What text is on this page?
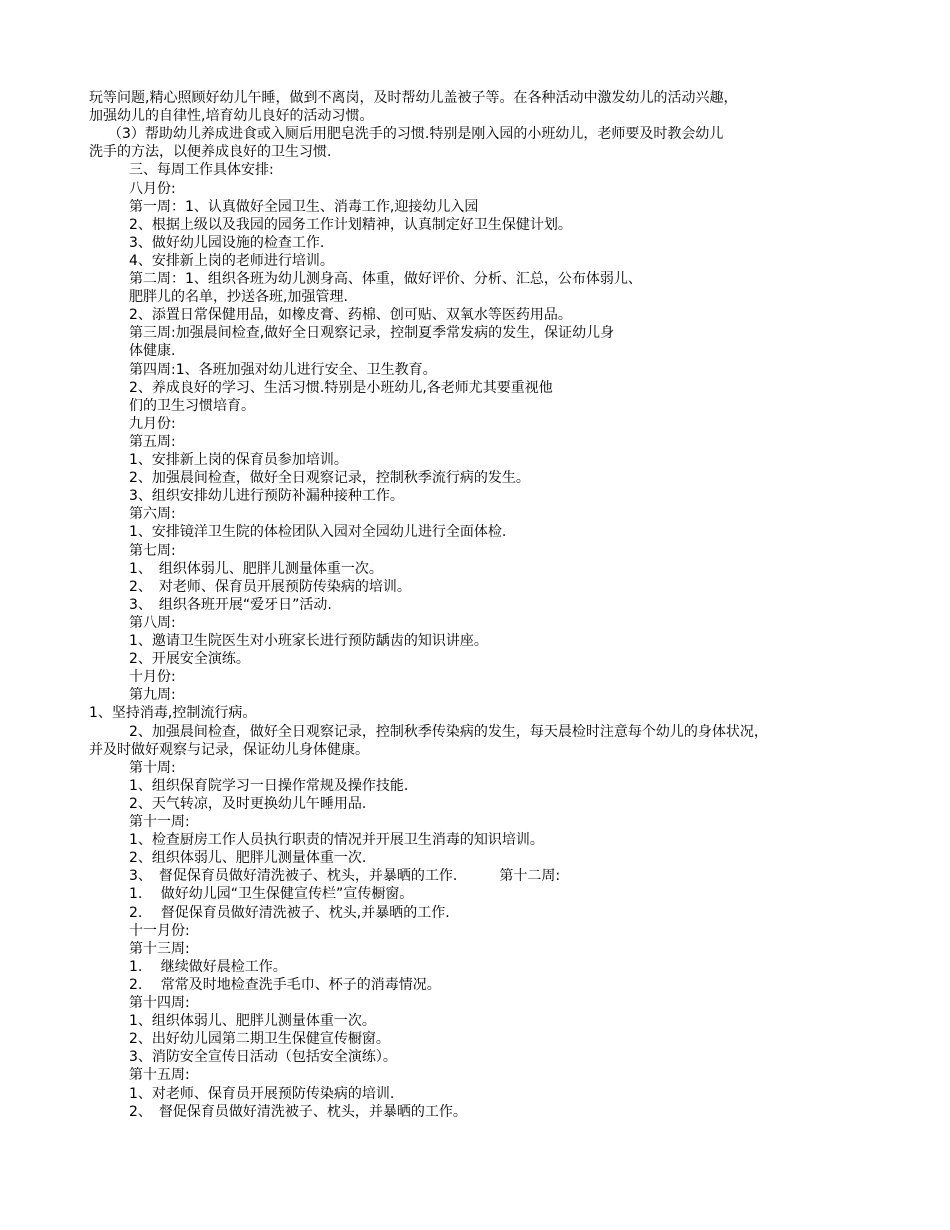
玩等问题,精心照顾好幼儿午睡，做到不离岗，及时帮幼儿盖被子等。在各种活动中激发幼儿的活动兴趣，
加强幼儿的自律性,培育幼儿良好的活动习惯。
（3）帮助幼儿养成进食或入厕后用肥皂洗手的习惯.特别是刚入园的小班幼儿，老师要及时教会幼儿
洗手的方法，以便养成良好的卫生习惯.
三、每周工作具体安排:
八月份:
第一周：1、认真做好全园卫生、消毒工作,迎接幼儿入园
2、根据上级以及我园的园务工作计划精神，认真制定好卫生保健计划。
3、做好幼儿园设施的检查工作.
4、安排新上岗的老师进行培训。
第二周：1、组织各班为幼儿测身高、体重，做好评价、分析、汇总，公布体弱儿、
肥胖儿的名单，抄送各班,加强管理.
2、添置日常保健用品，如橡皮膏、药棉、创可贴、双氧水等医药用品。
第三周:加强晨间检查,做好全日观察记录，控制夏季常发病的发生，保证幼儿身
体健康.
第四周:1、各班加强对幼儿进行安全、卫生教育。
2、养成良好的学习、生活习惯.特别是小班幼儿,各老师尤其要重视他
们的卫生习惯培育。
九月份:
第五周:
1、安排新上岗的保育员参加培训。
2、加强晨间检查，做好全日观察记录，控制秋季流行病的发生。
3、组织安排幼儿进行预防补漏种接种工作。
第六周:
1、安排镜洋卫生院的体检团队入园对全园幼儿进行全面体检.
第七周:
1、　组织体弱儿、肥胖儿测量体重一次。
2、　对老师、保育员开展预防传染病的培训。
3、　组织各班开展“爱牙日”活动.
第八周:
1、邀请卫生院医生对小班家长进行预防龋齿的知识讲座。
2、开展安全演练。
十月份:
第九周:
1、坚持消毒,控制流行病。
2、加强晨间检查，做好全日观察记录，控制秋季传染病的发生，每天晨检时注意每个幼儿的身体状况，
并及时做好观察与记录，保证幼儿身体健康。
第十周:
1、组织保育院学习一日操作常规及操作技能.
2、天气转凉，及时更换幼儿午睡用品.
第十一周:
1、检查厨房工作人员执行职责的情况并开展卫生消毒的知识培训。
2、组织体弱儿、肥胖儿测量体重一次.
3、　督促保育员做好清洗被子、枕头，并暴晒的工作.　　　第十二周:
1.　 做好幼儿园“卫生保健宣传栏”宣传橱窗。
2.　 督促保育员做好清洗被子、枕头,并暴晒的工作.
十一月份:
第十三周:
1.　 继续做好晨检工作。
2.　 常常及时地检查洗手毛巾、杯子的消毒情况。
第十四周:
1、组织体弱儿、肥胖儿测量体重一次。
2、出好幼儿园第二期卫生保健宣传橱窗。
3、消防安全宣传日活动（包括安全演练）。
第十五周:
1、对老师、保育员开展预防传染病的培训.
2、　督促保育员做好清洗被子、枕头，并暴晒的工作。
